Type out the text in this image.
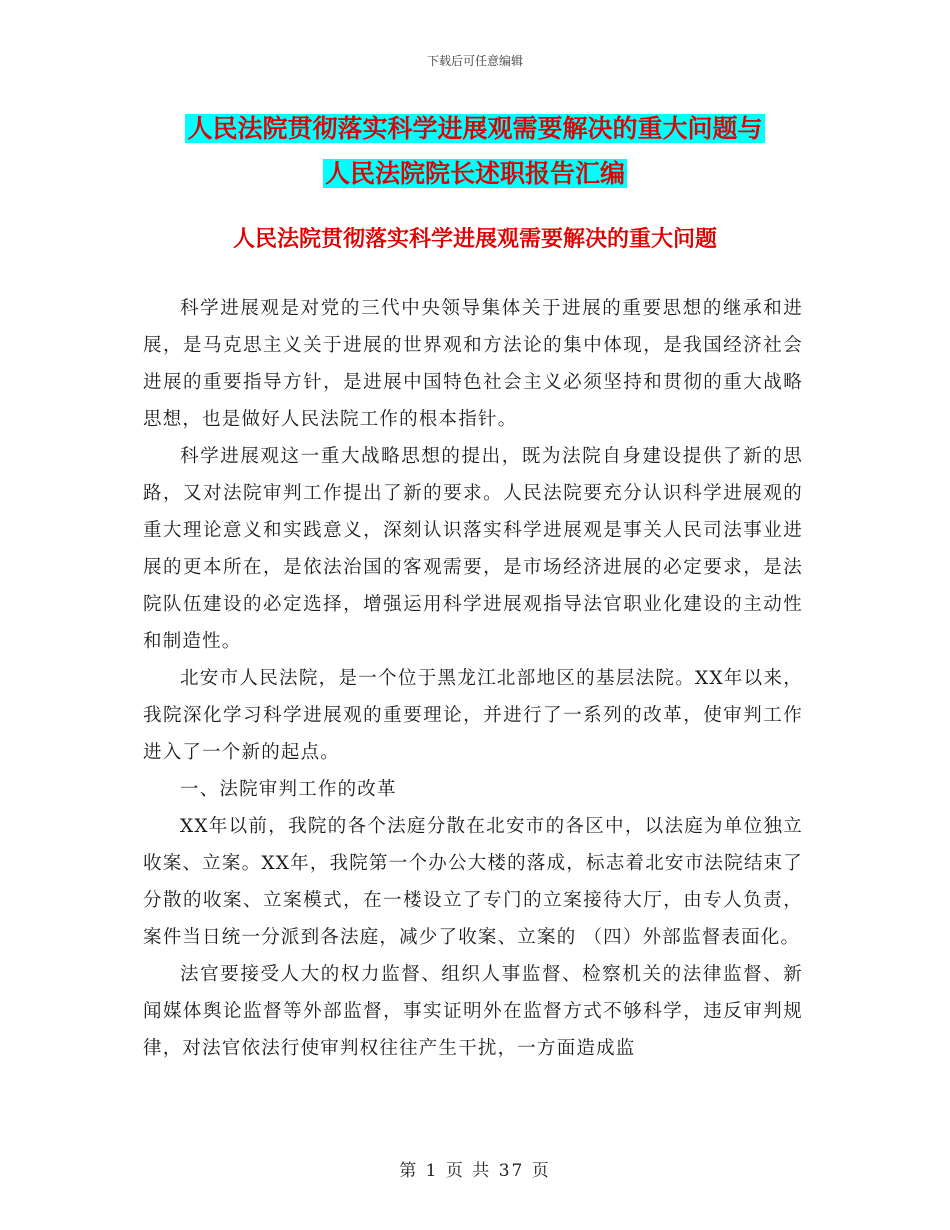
下载后可任意编辑
人民法院贯彻落实科学进展观需要解决的重大问题与
人民法院院长述职报告汇编
人民法院贯彻落实科学进展观需要解决的重大问题

科学进展观是对党的三代中央领导集体关于进展的重要思想的继承和进展，是马克思主义关于进展的世界观和方法论的集中体现，是我国经济社会进展的重要指导方针，是进展中国特色社会主义必须坚持和贯彻的重大战略思想，也是做好人民法院工作的根本指针。

科学进展观这一重大战略思想的提出，既为法院自身建设提供了新的思路，又对法院审判工作提出了新的要求。人民法院要充分认识科学进展观的重大理论意义和实践意义，深刻认识落实科学进展观是事关人民司法事业进展的更本所在，是依法治国的客观需要，是市场经济进展的必定要求，是法院队伍建设的必定选择，增强运用科学进展观指导法官职业化建设的主动性和制造性。

北安市人民法院，是一个位于黑龙江北部地区的基层法院。XX年以来，我院深化学习科学进展观的重要理论，并进行了一系列的改革，使审判工作进入了一个新的起点。

一、法院审判工作的改革

XX年以前，我院的各个法庭分散在北安市的各区中，以法庭为单位独立收案、立案。XX年，我院第一个办公大楼的落成，标志着北安市法院结束了分散的收案、立案模式，在一楼设立了专门的立案接待大厅，由专人负责，案件当日统一分派到各法庭，减少了收案、立案的 （四）外部监督表面化。

法官要接受人大的权力监督、组织人事监督、检察机关的法律监督、新闻媒体舆论监督等外部监督，事实证明外在监督方式不够科学，违反审判规律，对法官依法行使审判权往往产生干扰，一方面造成监

第 1 页 共 37 页
